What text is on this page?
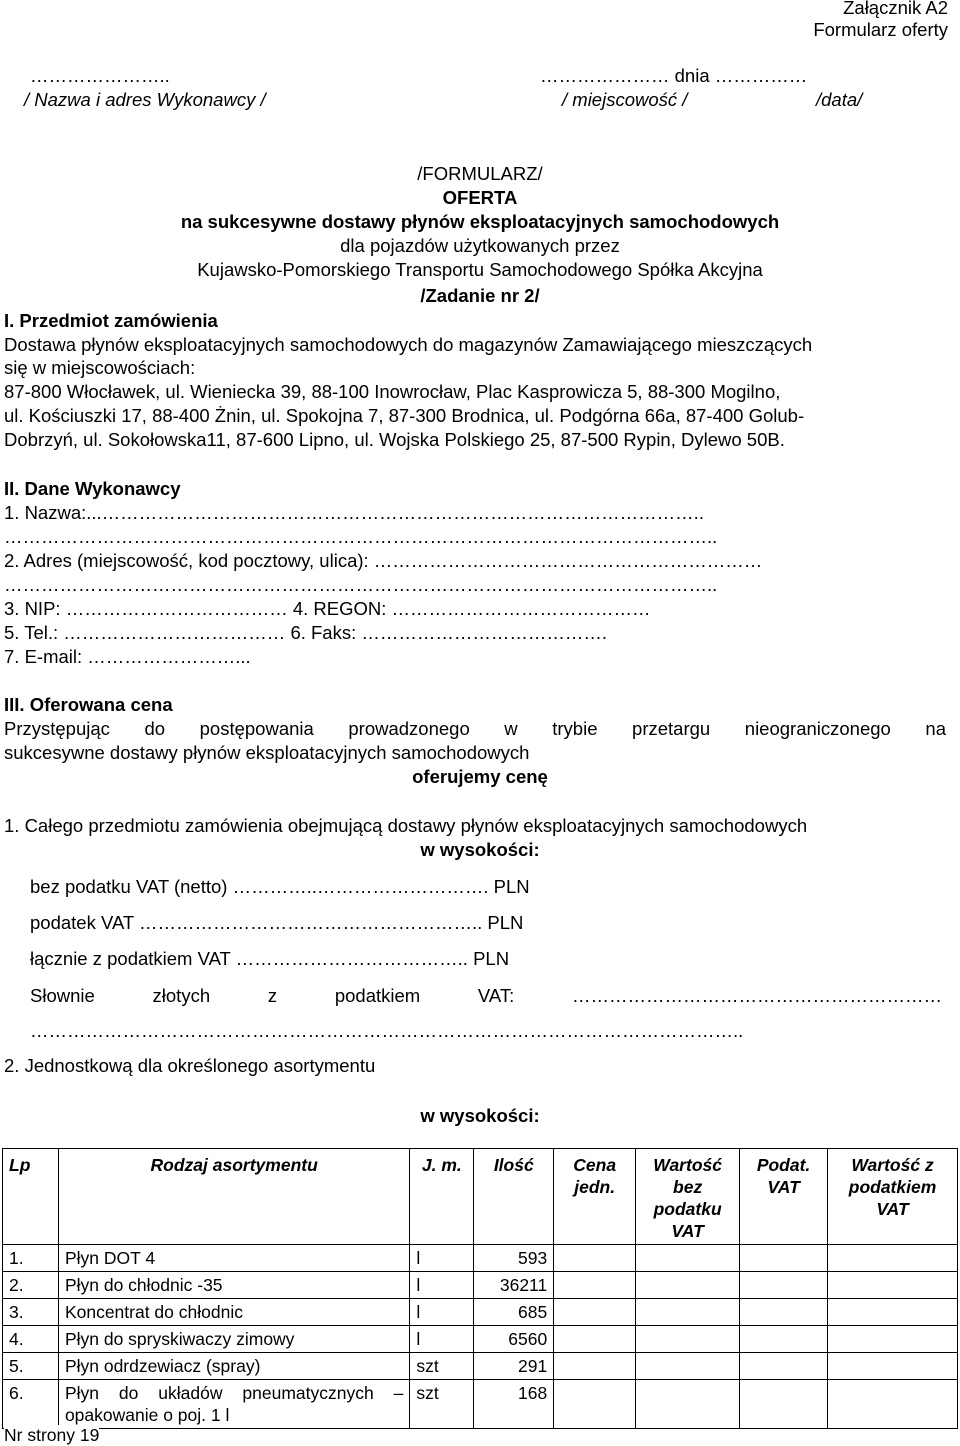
Załącznik A2
Formularz oferty
…………………..	………………… dnia ……………
/ Nazwa i adres Wykonawcy /	/ miejscowość /	/data/
/FORMULARZ/
OFERTA
na sukcesywne dostawy płynów eksploatacyjnych samochodowych
dla pojazdów użytkowanych przez
Kujawsko-Pomorskiego Transportu Samochodowego Spółka Akcyjna
/Zadanie nr 2/
I. Przedmiot zamówienia
Dostawa płynów eksploatacyjnych samochodowych do magazynów Zamawiającego mieszczących
się w miejscowościach:
87-800 Włocławek, ul. Wieniecka 39, 88-100 Inowrocław, Plac Kasprowicza 5, 88-300 Mogilno,
ul. Kościuszki 17, 88-400 Żnin, ul. Spokojna 7, 87-300 Brodnica, ul. Podgórna 66a, 87-400 Golub-
Dobrzyń, ul. Sokołowska11, 87-600 Lipno, ul. Wojska Polskiego 25, 87-500 Rypin, Dylewo 50B.
II. Dane Wykonawcy
1. Nazwa:...……………………………………………………………………………………..
……………………………………………………………………………………………………..
2. Adres (miejscowość, kod pocztowy, ulica): ………………………………………………………
……………………………………………………………………………………………………..
3. NIP: ……………………………… 4. REGON: ……………………………………
5. Tel.: ……………………………… 6. Faks: ………………………………….
7. E-mail: ……………………...
III. Oferowana cena
Przystępując do postępowania prowadzonego w trybie przetargu nieograniczonego na
sukcesywne dostawy płynów eksploatacyjnych samochodowych
oferujemy cenę
1. Całego przedmiotu zamówienia obejmującą dostawy płynów eksploatacyjnych samochodowych
w wysokości:
bez podatku VAT (netto) …………..………………………. PLN
podatek VAT ……………………………………………….. PLN
łącznie z podatkiem VAT ……………………………….. PLN
Słownie złotych z podatkiem VAT: ……………………………………………………
……………………………………………………………………………………………………..
2. Jednostkową dla określonego asortymentu
w wysokości:
Lp	Rodzaj asortymentu	J. m.	Ilość	Cena jedn.	Wartość bez podatku VAT	Podat. VAT	Wartość z podatkiem VAT
1.	Płyn DOT 4	l	593				
2.	Płyn do chłodnic -35	l	36211				
3.	Koncentrat do chłodnic	l	685				
4.	Płyn do spryskiwaczy zimowy	l	6560				
5.	Płyn odrdzewiacz (spray)	szt	291				
6.	Płyn do układów pneumatycznych – opakowanie o poj. 1 l	szt	168				
Nr strony 19
